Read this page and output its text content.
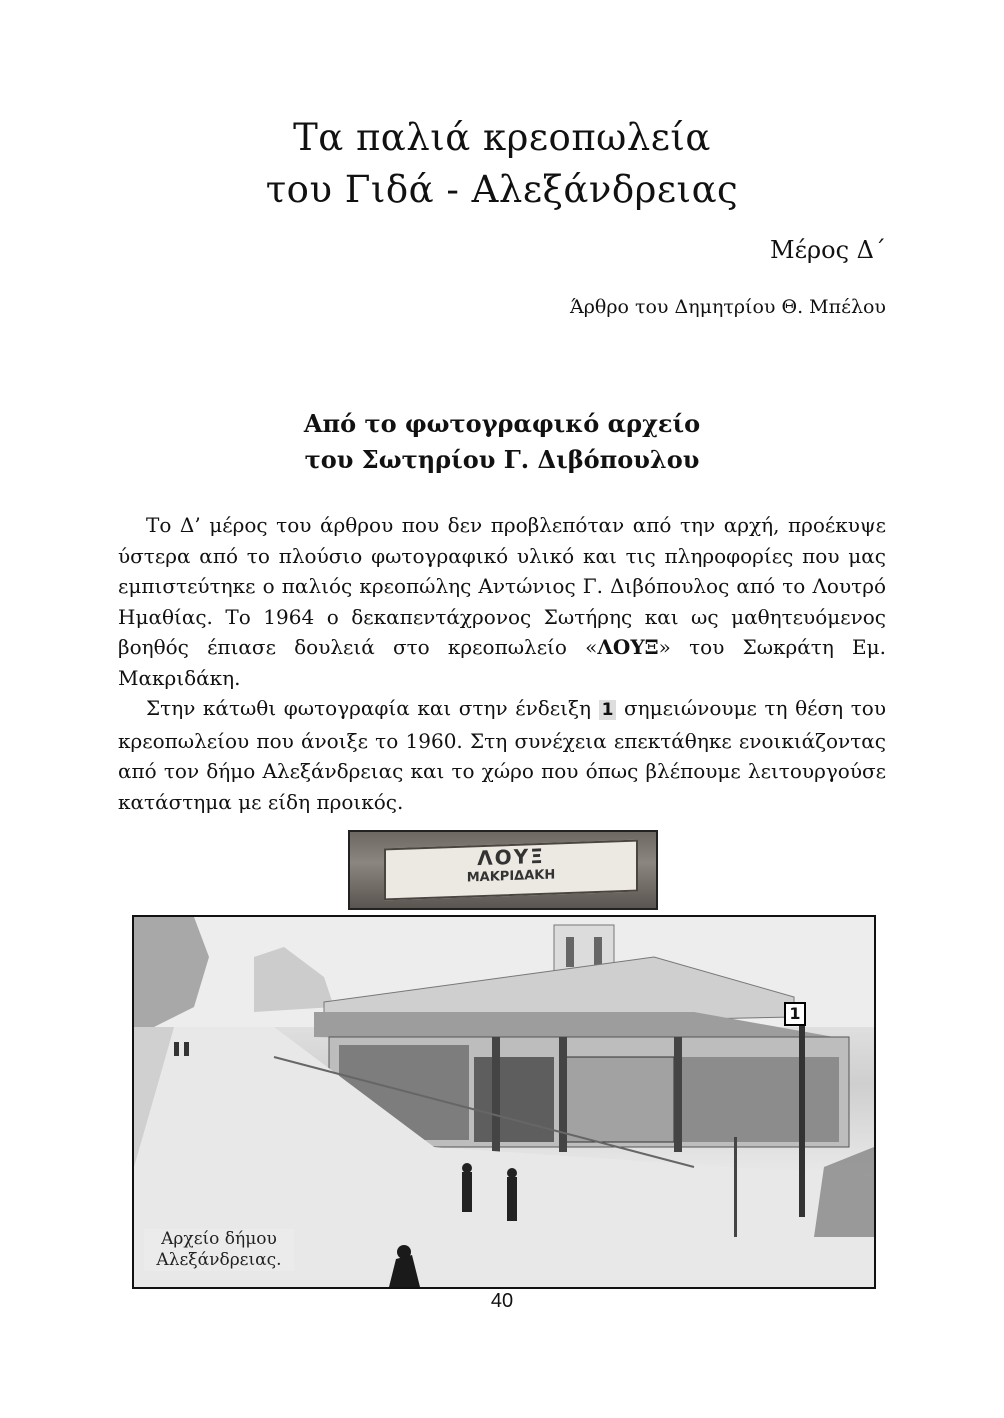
Τα παλιά κρεοπωλεία
του Γιδά - Αλεξάνδρειας
Μέρος Δ΄
Άρθρο του Δημητρίου Θ. Μπέλου
Από το φωτογραφικό αρχείο
του Σωτηρίου Γ. Διβόπουλου

Το Δ’ μέρος του άρθρου που δεν προβλεπόταν από την αρχή, προέκυψε ύστερα από το πλούσιο φωτογραφικό υλικό και τις πληροφορίες που μας εμπιστεύτηκε ο παλιός κρεοπώλης Αντώνιος Γ. Διβόπουλος από το Λουτρό Ημαθίας. Το 1964 ο δεκαπεντάχρονος Σωτήρης και ως μαθητευόμενος βοηθός έπιασε δουλειά στο κρεοπωλείο «ΛΟΥΞ» του Σωκράτη Εμ. Μακριδάκη.

Στην κάτωθι φωτογραφία και στην ένδειξη 1 σημειώνουμε τη θέση του κρεοπωλείου που άνοιξε το 1960. Στη συνέχεια επεκτάθηκε ενοικιάζοντας από τον δήμο Αλεξάνδρειας και το χώρο που όπως βλέπουμε λειτουργούσε κατάστημα με είδη προικός.

ΛΟΥΞ
ΜΑΚΡΙΔΑΚΗ
1
Αρχείο δήμου
Αλεξάνδρειας.
40
